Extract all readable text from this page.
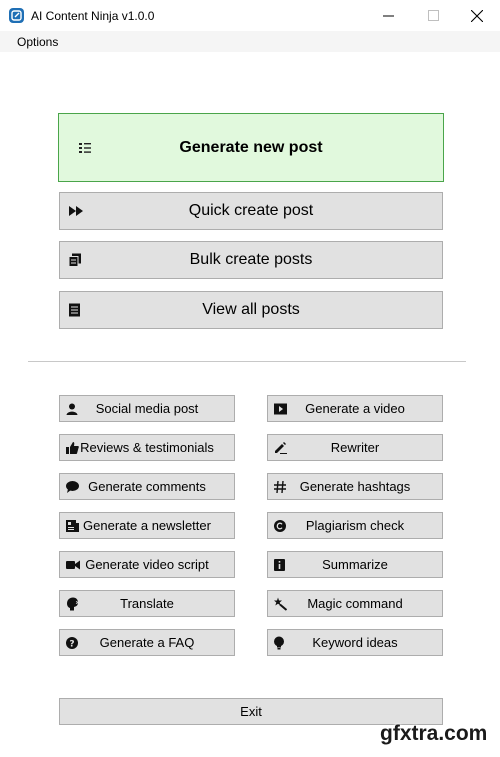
AI Content Ninja v1.0.0
Options
Generate new post
Quick create post
Bulk create posts
View all posts
Social media post
Reviews & testimonials
Generate comments
Generate a newsletter
Generate video script
Translate
? Generate a FAQ
Generate a video
Rewriter
Generate hashtags
Plagiarism check
Summarize
Magic command
Keyword ideas
Exit
gfxtra.com
